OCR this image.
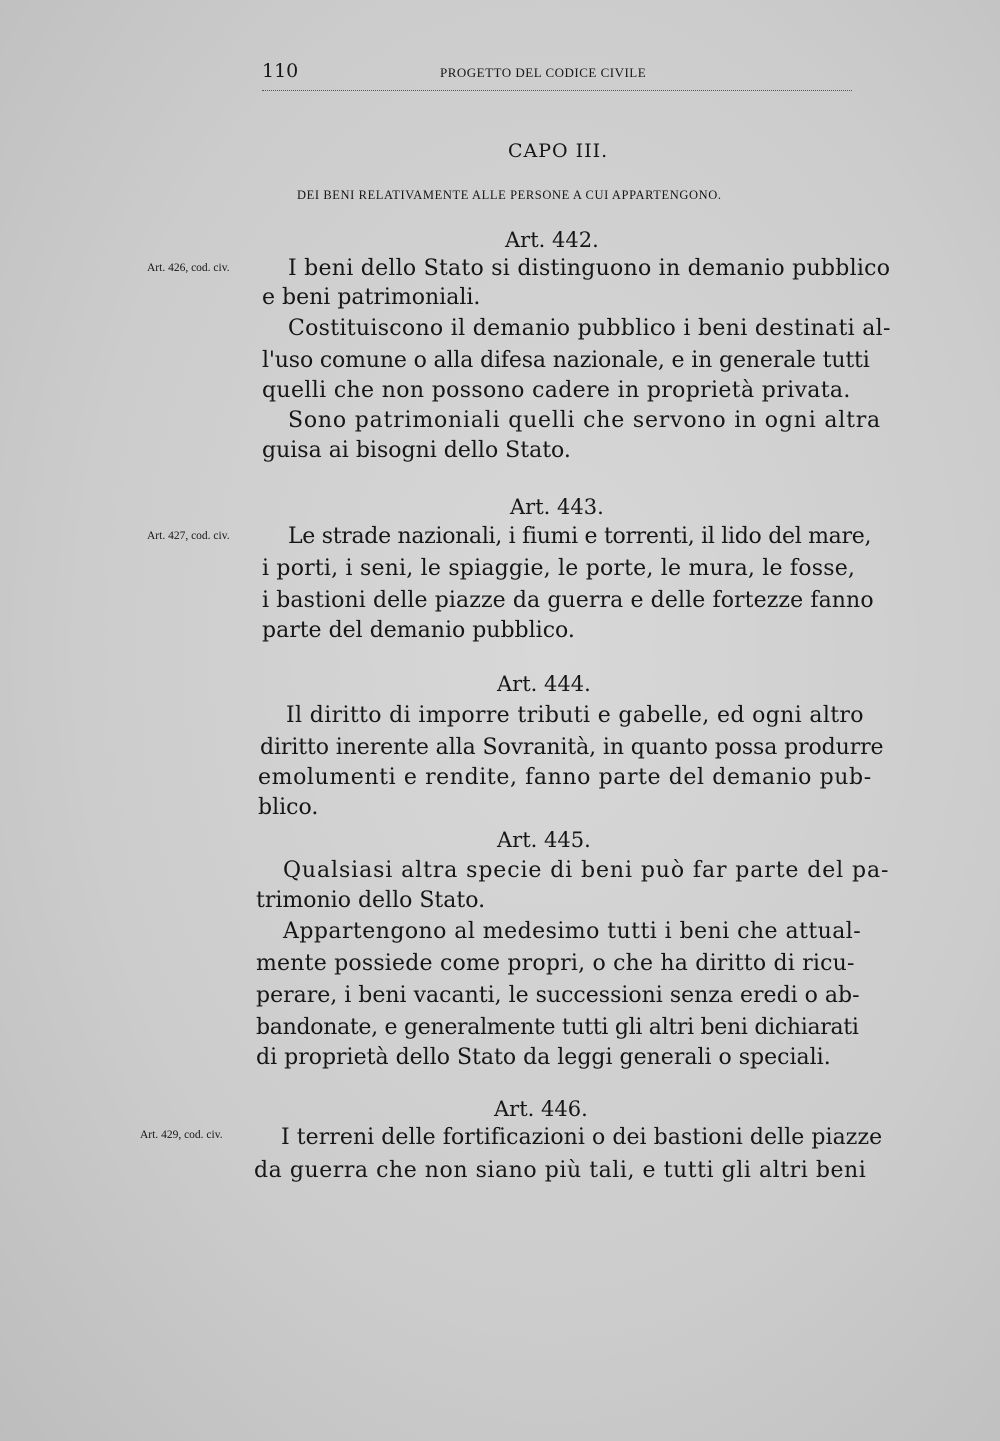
110	PROGETTO DEL CODICE CIVILE
CAPO III.
DEI BENI RELATIVAMENTE ALLE PERSONE A CUI APPARTENGONO.
Art. 442.
Art. 426, cod. civ.	I beni dello Stato si distinguono in demanio pubblico
e beni patrimoniali.
Costituiscono il demanio pubblico i beni destinati al-
l'uso comune o alla difesa nazionale, e in generale tutti
quelli che non possono cadere in proprietà privata.
Sono patrimoniali quelli che servono in ogni altra
guisa ai bisogni dello Stato.
Art. 443.
Art. 427, cod. civ.	Le strade nazionali, i fiumi e torrenti, il lido del mare,
i porti, i seni, le spiaggie, le porte, le mura, le fosse,
i bastioni delle piazze da guerra e delle fortezze fanno
parte del demanio pubblico.
Art. 444.
Il diritto di imporre tributi e gabelle, ed ogni altro
diritto inerente alla Sovranità, in quanto possa produrre
emolumenti e rendite, fanno parte del demanio pub-
blico.
Art. 445.
Qualsiasi altra specie di beni può far parte del pa-
trimonio dello Stato.
Appartengono al medesimo tutti i beni che attual-
mente possiede come propri, o che ha diritto di ricu-
perare, i beni vacanti, le successioni senza eredi o ab-
bandonate, e generalmente tutti gli altri beni dichiarati
di proprietà dello Stato da leggi generali o speciali.
Art. 446.
Art. 429, cod. civ.	I terreni delle fortificazioni o dei bastioni delle piazze
da guerra che non siano più tali, e tutti gli altri beni
